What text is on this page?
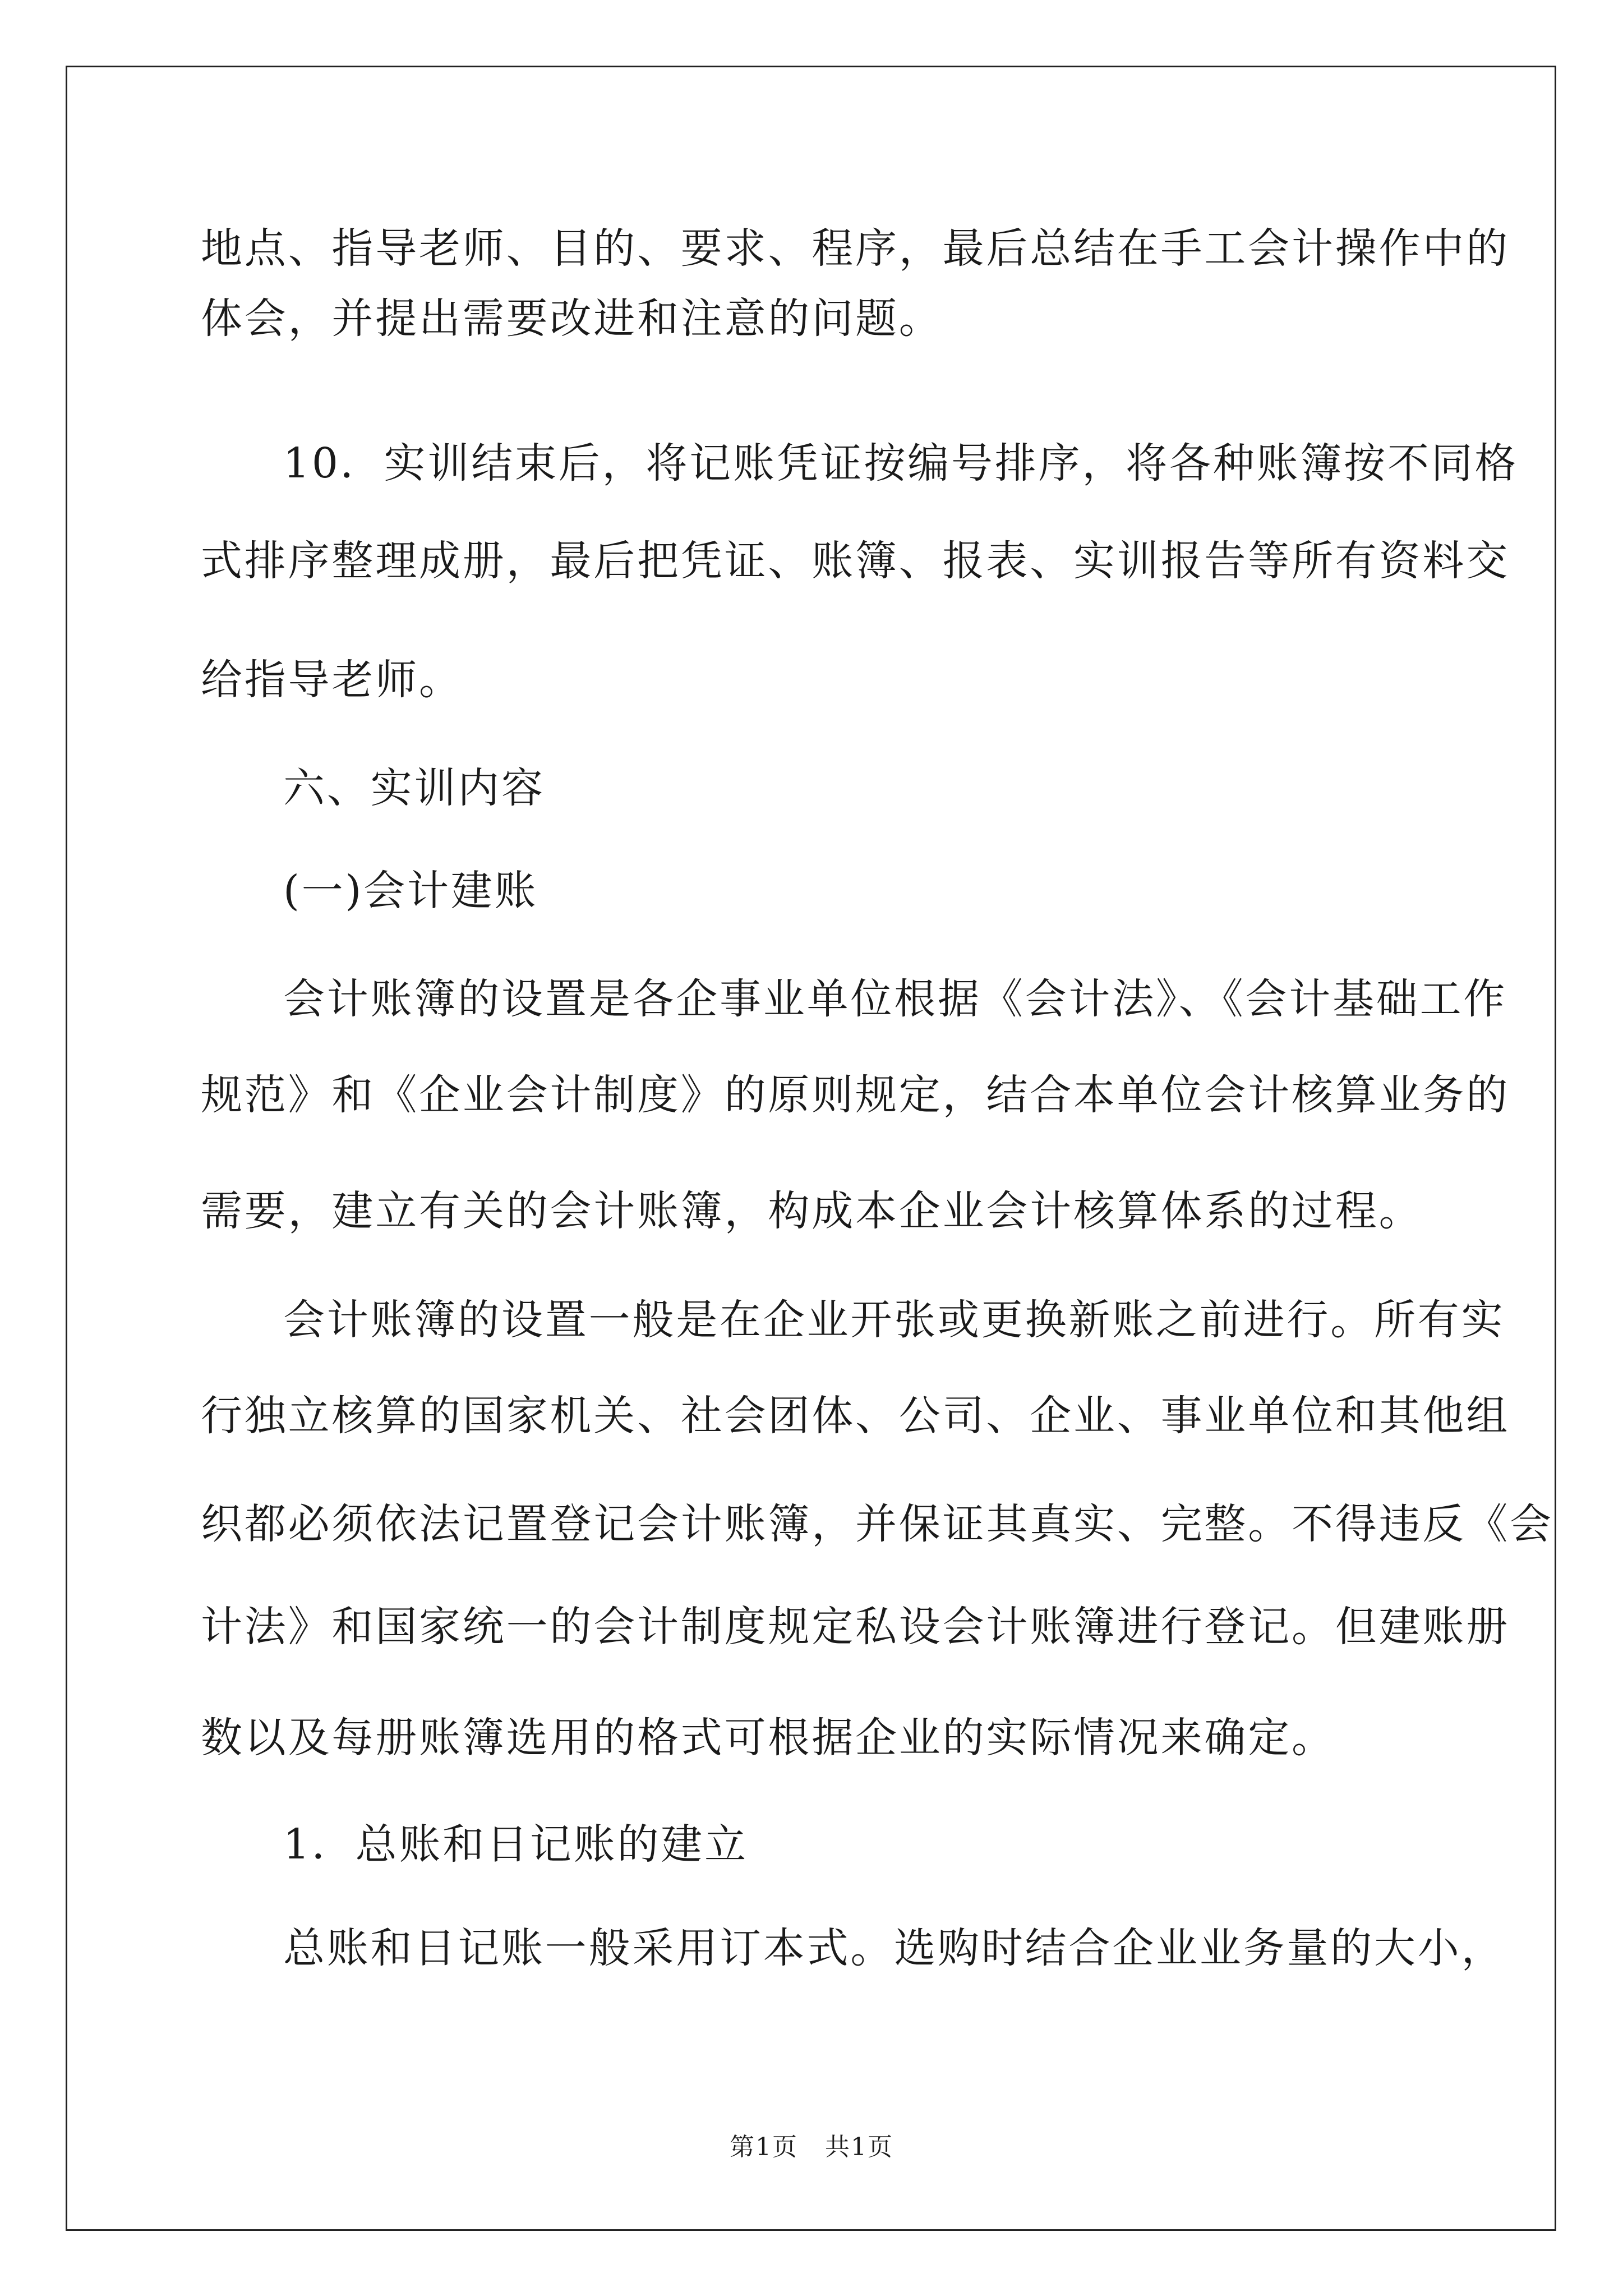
地点、指导老师、目的、要求、程序，最后总结在手工会计操作中的
体会，并提出需要改进和注意的问题。
10．实训结束后，将记账凭证按编号排序，将各种账簿按不同格
式排序整理成册，最后把凭证、账簿、报表、实训报告等所有资料交
给指导老师。
六、实训内容
(一)会计建账
会计账簿的设置是各企事业单位根据《会计法》、《会计基础工作
规范》和《企业会计制度》的原则规定，结合本单位会计核算业务的
需要，建立有关的会计账簿，构成本企业会计核算体系的过程。
会计账簿的设置一般是在企业开张或更换新账之前进行。所有实
行独立核算的国家机关、社会团体、公司、企业、事业单位和其他组
织都必须依法记置登记会计账簿，并保证其真实、完整。不得违反《会
计法》和国家统一的会计制度规定私设会计账簿进行登记。但建账册
数以及每册账簿选用的格式可根据企业的实际情况来确定。
1．总账和日记账的建立
总账和日记账一般采用订本式。选购时结合企业业务量的大小，
第1页   共1页
